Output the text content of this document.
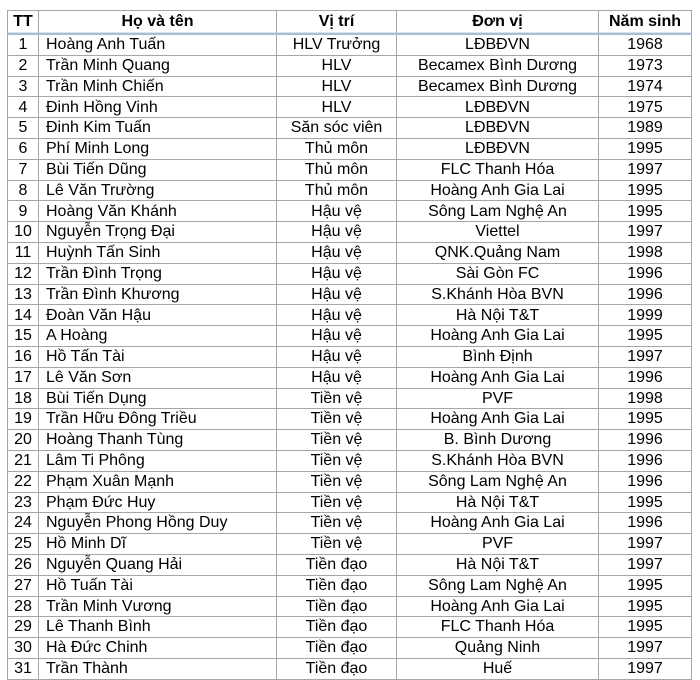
TT	Họ và tên	Vị trí	Đơn vị	Năm sinh
1	Hoàng Anh Tuấn	HLV Trưởng	LĐBĐVN	1968
2	Trần Minh Quang	HLV	Becamex Bình Dương	1973
3	Trần Minh Chiến	HLV	Becamex Bình Dương	1974
4	Đinh Hồng Vinh	HLV	LĐBĐVN	1975
5	Đinh Kim Tuấn	Săn sóc viên	LĐBĐVN	1989
6	Phí Minh Long	Thủ môn	LĐBĐVN	1995
7	Bùi Tiến Dũng	Thủ môn	FLC Thanh Hóa	1997
8	Lê Văn Trường	Thủ môn	Hoàng Anh Gia Lai	1995
9	Hoàng Văn Khánh	Hậu vệ	Sông Lam Nghệ An	1995
10	Nguyễn Trọng Đại	Hậu vệ	Viettel	1997
11	Huỳnh Tấn Sinh	Hậu vệ	QNK.Quảng Nam	1998
12	Trần Đình Trọng	Hậu vệ	Sài Gòn FC	1996
13	Trần Đình Khương	Hậu vệ	S.Khánh Hòa BVN	1996
14	Đoàn Văn Hậu	Hậu vệ	Hà Nội T&T	1999
15	A Hoàng	Hậu vệ	Hoàng Anh Gia Lai	1995
16	Hồ Tấn Tài	Hậu vệ	Bình Định	1997
17	Lê Văn Sơn	Hậu vệ	Hoàng Anh Gia Lai	1996
18	Bùi Tiến Dụng	Tiền vệ	PVF	1998
19	Trần Hữu Đông Triều	Tiền vệ	Hoàng Anh Gia Lai	1995
20	Hoàng Thanh Tùng	Tiền vệ	B. Bình Dương	1996
21	Lâm Ti Phông	Tiền vệ	S.Khánh Hòa BVN	1996
22	Phạm Xuân Mạnh	Tiền vệ	Sông Lam Nghệ An	1996
23	Phạm Đức Huy	Tiền vệ	Hà Nội T&T	1995
24	Nguyễn Phong Hồng Duy	Tiền vệ	Hoàng Anh Gia Lai	1996
25	Hồ Minh Dĩ	Tiền vệ	PVF	1997
26	Nguyễn Quang Hải	Tiền đạo	Hà Nội T&T	1997
27	Hồ Tuấn Tài	Tiền đạo	Sông Lam Nghệ An	1995
28	Trần Minh Vương	Tiền đạo	Hoàng Anh Gia Lai	1995
29	Lê Thanh Bình	Tiền đạo	FLC Thanh Hóa	1995
30	Hà Đức Chinh	Tiền đạo	Quảng Ninh	1997
31	Trần Thành	Tiền đạo	Huế	1997
